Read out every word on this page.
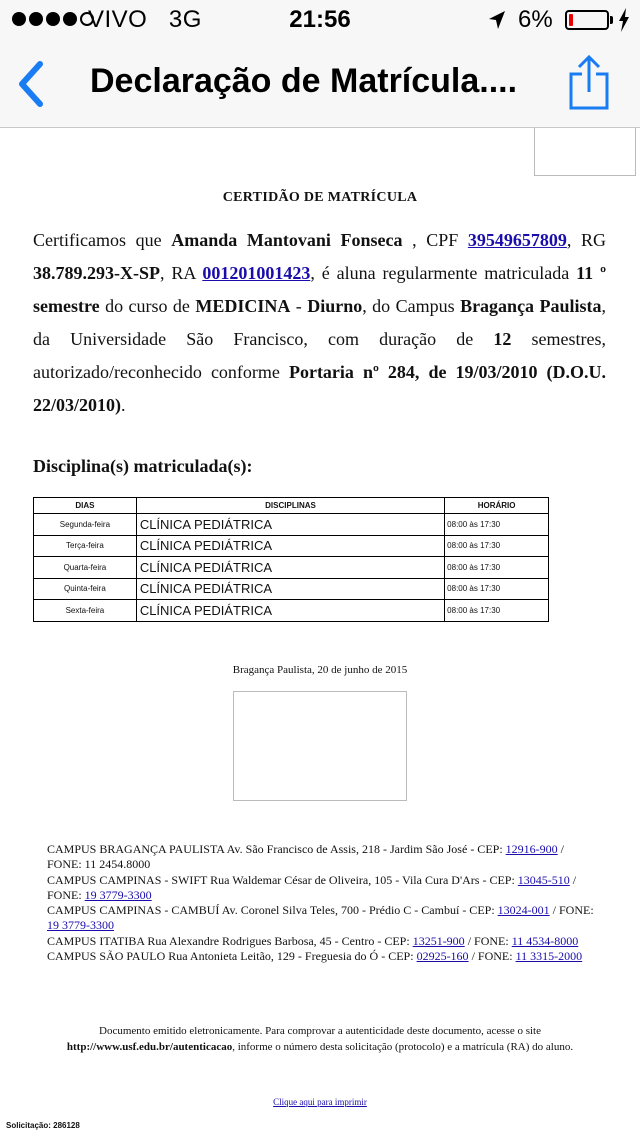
VIVO 3G	21:56	6%
Declaração de Matrícula....
CERTIDÃO DE MATRÍCULA

Certificamos que Amanda Mantovani Fonseca , CPF 39549657809, RG 38.789.293-X-SP, RA 001201001423, é aluna regularmente matriculada 11 º semestre do curso de MEDICINA - Diurno, do Campus Bragança Paulista, da Universidade São Francisco, com duração de 12 semestres, autorizado/reconhecido conforme Portaria nº 284, de 19/03/2010 (D.O.U. 22/03/2010).

Disciplina(s) matriculada(s):
DIAS	DISCIPLINAS	HORÁRIO
Segunda-feira	CLÍNICA PEDIÁTRICA	08:00 às 17:30
Terça-feira	CLÍNICA PEDIÁTRICA	08:00 às 17:30
Quarta-feira	CLÍNICA PEDIÁTRICA	08:00 às 17:30
Quinta-feira	CLÍNICA PEDIÁTRICA	08:00 às 17:30
Sexta-feira	CLÍNICA PEDIÁTRICA	08:00 às 17:30
Bragança Paulista, 20 de junho de 2015
CAMPUS BRAGANÇA PAULISTA Av. São Francisco de Assis, 218 - Jardim São José - CEP: 12916-900 / FONE: 11 2454.8000
CAMPUS CAMPINAS - SWIFT Rua Waldemar César de Oliveira, 105 - Vila Cura D'Ars - CEP: 13045-510 / FONE: 19 3779-3300
CAMPUS CAMPINAS - CAMBUÍ Av. Coronel Silva Teles, 700 - Prédio C - Cambuí - CEP: 13024-001 / FONE: 19 3779-3300
CAMPUS ITATIBA Rua Alexandre Rodrigues Barbosa, 45 - Centro - CEP: 13251-900 / FONE: 11 4534-8000
CAMPUS SÃO PAULO Rua Antonieta Leitão, 129 - Freguesia do Ó - CEP: 02925-160 / FONE: 11 3315-2000

Documento emitido eletronicamente. Para comprovar a autenticidade deste documento, acesse o site http://www.usf.edu.br/autenticacao, informe o número desta solicitação (protocolo) e a matrícula (RA) do aluno.

Clique aqui para imprimir
Solicitação: 286128
